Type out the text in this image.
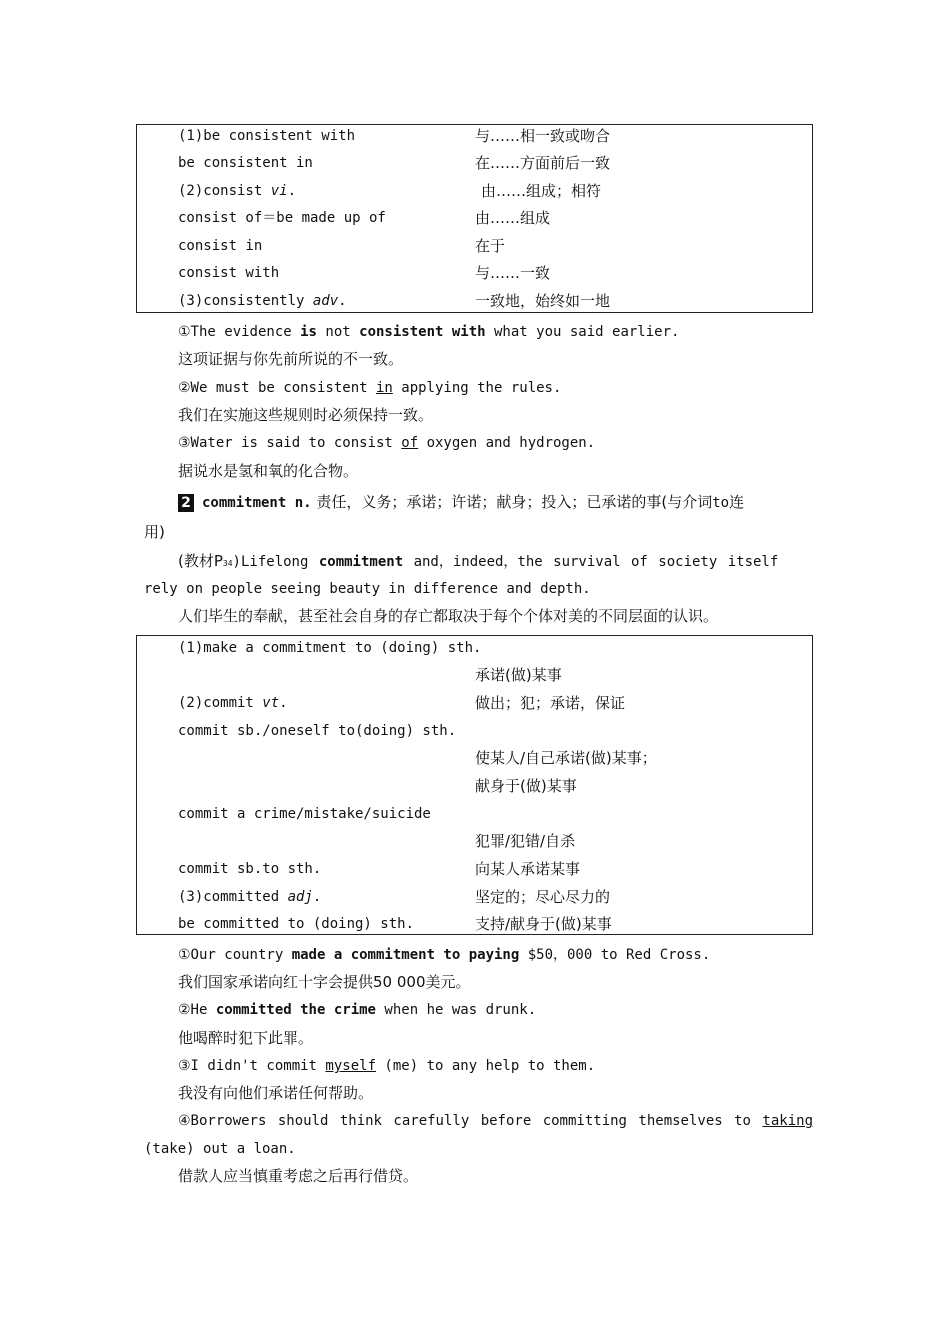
(1)be consistent with	与……相一致或吻合
be consistent in	在……方面前后一致
(2)consist vi.	由……组成；相符
consist of＝be made up of	由……组成
consist in	在于
consist with	与……一致
(3)consistently adv.	一致地，始终如一地
①The evidence is not consistent with what you said earlier.
这项证据与你先前所说的不一致。
②We must be consistent in applying the rules.
我们在实施这些规则时必须保持一致。
③Water is said to consist of oxygen and hydrogen.
据说水是氢和氧的化合物。
2 commitment n. 责任，义务；承诺；许诺；献身；投入；已承诺的事(与介词to连
用)
(教材P34)Lifelong commitment and，indeed，the survival of society itself
rely on people seeing beauty in difference and depth.
人们毕生的奉献，甚至社会自身的存亡都取决于每个个体对美的不同层面的认识。
(1)make a commitment to (doing) sth.
承诺(做)某事
(2)commit vt.	做出；犯；承诺，保证
commit sb./oneself to(doing) sth.
使某人/自己承诺(做)某事；
献身于(做)某事
commit a crime/mistake/suicide
犯罪/犯错/自杀
commit sb.to sth.	向某人承诺某事
(3)committed adj.	坚定的；尽心尽力的
be committed to (doing) sth.	支持/献身于(做)某事
①Our country made a commitment to paying $50，000 to Red Cross.
我们国家承诺向红十字会提供50 000美元。
②He committed the crime when he was drunk.
他喝醉时犯下此罪。
③I didn't commit myself (me) to any help to them.
我没有向他们承诺任何帮助。
④Borrowers should think carefully before committing themselves to taking
(take) out a loan.
借款人应当慎重考虑之后再行借贷。
